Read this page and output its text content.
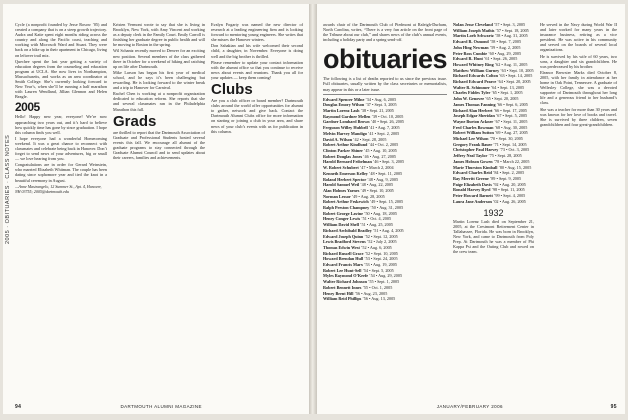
2005 · OBITUARIES · CLASS NOTES

Cycle (a nonprofit founded by Jesse Rosow ’05) and created a company that is on a steep growth trajectory. Audra and Katie spent eight months riding across the country and along the Pacific coast, teaching and working with Microsoft Ward and Stuart. They were back on a bike up in their apartment in Chicago, living on leftover trail mix.

Quechee spent the last year getting a variety of education degrees from the counseling and education program at UCLA. She now lives in Northampton, Massachusetts, and works as an area coordinator at Smith College. She’s currently looking forward to New Year’s, when she’ll be running a half marathon with Lauren Wendland, Jillian Glennon and Helen Beagle.

2005

Hello! Happy new year, everyone! We’re now approaching two years out, and it’s hard to believe how quickly time has gone by since graduation. I hope this column finds you well.

I hope everyone had a wonderful Homecoming weekend. It was a great chance to reconnect with classmates and celebrate being back in Hanover. Don’t forget to send news of your adventures, big or small — we love hearing from you.

Congratulations are in order for Gerard Weinstein, who married Elizabeth Whitman. The couple has been dating since sophomore year and tied the knot in a beautiful ceremony in August.

—Anne Mastrangelo, 12 Summer St., Apt. 4, Hanover, NH 03755; 2005@dartmouth.edu

Kristen Vermont wrote to say that she is living in Brooklyn, New York, with Amy Vincent and working as a deputy clerk in the Family Court. Emily Carroll is finishing her graduate degree in public health and will be moving to Boston in the spring.

Wil Schantz recently moved to Denver for an exciting new position. Several members of the class gathered there in October for a weekend of hiking and catching up on life after Dartmouth.

Mike Larson has begun his first year of medical school, and he says it’s been challenging but rewarding. He is looking forward to the winter break and a trip to Hanover for Carnival.

Rachel Chen is working at a nonprofit organization dedicated to education reform. She reports that she and several classmates ran in the Philadelphia Marathon this fall.

Grads

are thrilled to report that the Dartmouth Association of Graduate and Professional Students hosted several events this fall. We encourage all alumni of the graduate programs to stay connected through the Graduate Alumni Council and to send updates about their careers, families and achievements.

Evalyn Fogarty was named the new director of research at a leading engineering firm and is looking forward to mentoring young engineers. She writes that she misses the Hanover winters.

Don Sahakian and his wife welcomed their second child, a daughter, in November. Everyone is doing well and the big brother is thrilled.

Please remember to update your contact information with the alumni office so that you continue to receive news about events and reunions. Thank you all for your updates — keep them coming!

Clubs

Are you a club officer or board member? Dartmouth clubs around the world offer opportunities for alumni to gather, network and give back. Contact the Dartmouth Alumni Clubs office for more information on starting or joining a club in your area, and share news of your club’s events with us for publication in this column.

94	DARTMOUTH ALUMNI MAGAZINE

awards chair of the Dartmouth Club of Piedmont at Raleigh-Durham, North Carolina, writes, “There is a very fun article on the front page of the Tribune about our club,” and shares news of the club’s annual events, including a holiday party and a spring send-off.

obituaries

The following is a list of deaths reported to us since the previous issue. Full obituaries, usually written by the class secretaries or memorialists, may appear in this or a later issue.

Edward Spencer Milne ’34 • Aug. 6, 2005
Douglas Emory Wilson ’37 • Sept. 3, 2005
Martin Lorenz Lash ’38 • Sept. 21, 2005
Raymond Gardner Mellen ’39 • Oct. 10, 2005
Gardner Lombard Brown ’40 • Sept. 26, 2005
Ferguson Willey Hubbell ’41 • Aug. 7, 2005
Melvin Harvey Mandigo ’41 • Sept. 2, 2005
David A. Wilson ’42 • Sept. 28, 2005
Robert Arthur Kindlund ’44 • Oct. 2, 2005
Clinton Parker Shiner ’45 • Aug. 10, 2005
Robert Douglas Jones ’46 • Aug. 27, 2005
Harold Bernard Feibelman ’46 • Sept. 3, 2005
W. Robert Schubert ’47 • March 2, 2004
Kenneth Emerson Kelley ’48 • Sept. 11, 2005
Roland Herbert Spector ’48 • Aug. 9, 2005
Harold Samuel Weil ’48 • Aug. 22, 2005
Alan Holmes Yarnes ’49 • Sept. 10, 2005
Norman Lessor ’49 • Aug. 28, 2005
Robert Arthur Feskewich ’49 • Sept. 15, 2005
Ralph Preston Champney ’50 • Aug. 31, 2005
Robert George Lavine ’50 • Aug. 18, 2005
Henry Conger Lewis ’51 • Oct. 4, 2005
William David Shell ’51 • Aug. 25, 2005
Richard Archibald Bradley ’51 • Aug. 4, 2005
Edward Joseph Quinn ’52 • Sept. 12, 2005
Lewis Bradford Stevens ’52 • July 2, 2005
Thomas Edwin West ’52 • Aug. 6, 2005
Richard Russell Grace ’52 • Sept. 10, 2005
Howard Brendan Hull ’53 • Sept. 24, 2005
Edward Francis Marx ’53 • Aug. 19, 2005
Robert Lee Hunt-Sell ’54 • Sept. 5, 2005
Myles Raymond O’Keefe ’54 • Aug. 29, 2005
Walter Richard Johnson ’55 • Sept. 1, 2005
Robert Bennett Innes ’55 • Oct. 1, 2005
Henry Brent Hill ’56 • Aug. 23, 2005
William Reid Phillips ’56 • Aug. 13, 2005
Nolan Jesse Cleveland ’57 • Sept. 3, 2005
William Joseph Mathis ’57 • Sept. 18, 2005
Martin Loeb Schwartz ’58 • Aug. 31, 2005
Edward R. Osmond ’58 • Sept. 7, 2005
John Hing Newman ’59 • Aug. 2, 2005
Peter Ross Cumbie ’60 • Aug. 29, 2005
Edward R. Hunt ’61 • Sept. 26, 2005
Howard Whitney Ring ’62 • Aug. 11, 2005
Matthew William Gurney ’63 • Sept. 10, 2005
Richard Edwards Colton ’63 • Sept. 14, 2005
Richard Edward Pearce ’64 • Sept. 20, 2005
Walter R. Schimmer ’64 • Sept. 13, 2005
Charles Fiddes Tyler ’65 • Sept. 1, 2005
John W. Genovee ’65 • Sept. 20, 2005
James Thomas Fanning ’66 • Sept. 6, 2005
Richard Alan Herbert ’66 • Sept. 17, 2005
Joseph Edgar Sheridan ’67 • Sept. 5, 2005
Wayne Burton Ackner ’67 • Sept. 11, 2005
Fred Charles Bowman ’68 • Aug. 30, 2005
Robert William Sutton ’69 • Aug. 27, 2005
Michael Lee Wilson ’70 • Sept. 30, 2005
Gregory Frank Bauer ’71 • Sept. 14, 2005
Christopher Paul Harvey ’73 • Oct. 3, 2005
Jeffrey Neal Taylor ’75 • Sept. 28, 2005
James Hobson Gowen ’78 • March 22, 2005
Marie Thurston Kimball ’80 • Aug. 15, 2005
Edward Charles Reid ’84 • Sept. 2, 2005
Ray Merritt Greene ’89 • Sept. 9, 2005
Paige Elizabeth Davis ’92 • Aug. 20, 2005
Ronald Harvey Byrd ’98 • Sept. 11, 2005
Peter Howard Barnett ’99 • Sept. 4, 2005
Laura Jane Anderson ’02 • Aug. 26, 2005
1932

Martin Lorenz Lash died on September 21, 2005, at the Crestmont Retirement Center in Tallahassee, Florida. He was born in Brooklyn, New York, and came to Dartmouth from Poly Prep. At Dartmouth he was a member of Phi Kappa Psi and the Outing Club and rowed on the crew team.

He served in the Navy during World War II and later worked for many years in the insurance business, retiring as a vice president. He was active in his community and served on the boards of several local organizations.

He is survived by his wife of 60 years, two sons, a daughter and six grandchildren. He was predeceased by his brother.

Eleanor Brewster Marks died October 8, 2005, with her family in attendance at her home in Oak Point, Tennessee. A graduate of Wellesley College, she was a devoted supporter of Dartmouth throughout her long life and a generous friend to her husband’s class.

She was a teacher for more than 30 years and was known for her love of books and travel. She is survived by three children, seven grandchildren and four great-grandchildren.

JANUARY/FEBRUARY 2006	95
